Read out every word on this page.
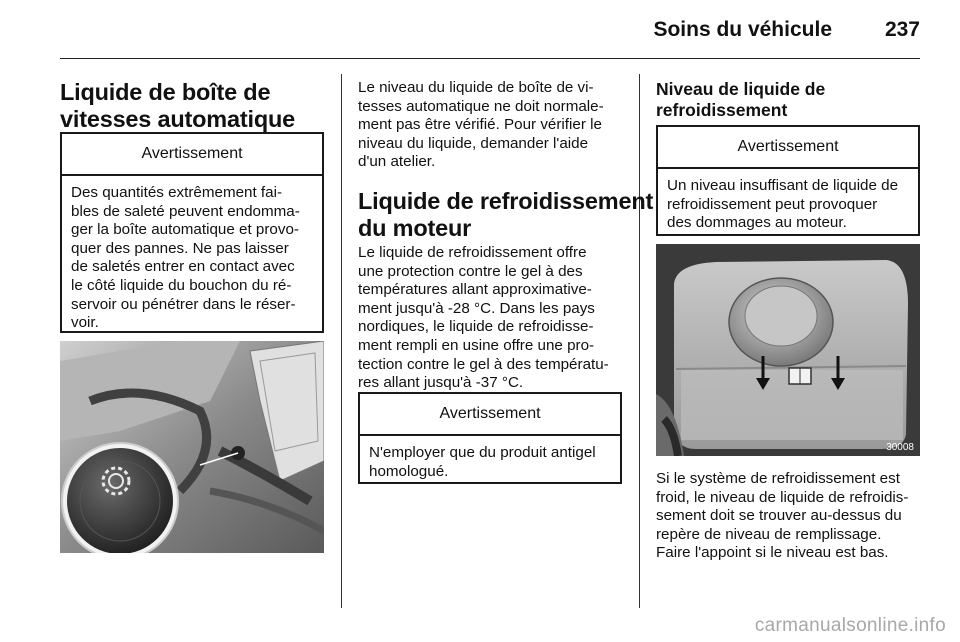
Soins du véhicule	237
Liquide de boîte de
vitesses automatique
Avertissement
Des quantités extrêmement fai-
bles de saleté peuvent endomma-
ger la boîte automatique et provo-
quer des pannes. Ne pas laisser
de saletés entrer en contact avec
le côté liquide du bouchon du ré-
servoir ou pénétrer dans le réser-
voir.
Le niveau du liquide de boîte de vi-
tesses automatique ne doit normale-
ment pas être vérifié. Pour vérifier le
niveau du liquide, demander l'aide
d'un atelier.
Liquide de refroidissement
du moteur
Le liquide de refroidissement offre
une protection contre le gel à des
températures allant approximative-
ment jusqu'à -28 °C. Dans les pays
nordiques, le liquide de refroidisse-
ment rempli en usine offre une pro-
tection contre le gel à des températu-
res allant jusqu'à -37 °C.
Avertissement
N'employer que du produit antigel
homologué.
Niveau de liquide de
refroidissement
Avertissement
Un niveau insuffisant de liquide de
refroidissement peut provoquer
des dommages au moteur.
30008
Si le système de refroidissement est
froid, le niveau de liquide de refroidis-
sement doit se trouver au-dessus du
repère de niveau de remplissage.
Faire l'appoint si le niveau est bas.
carmanualsonline.info
